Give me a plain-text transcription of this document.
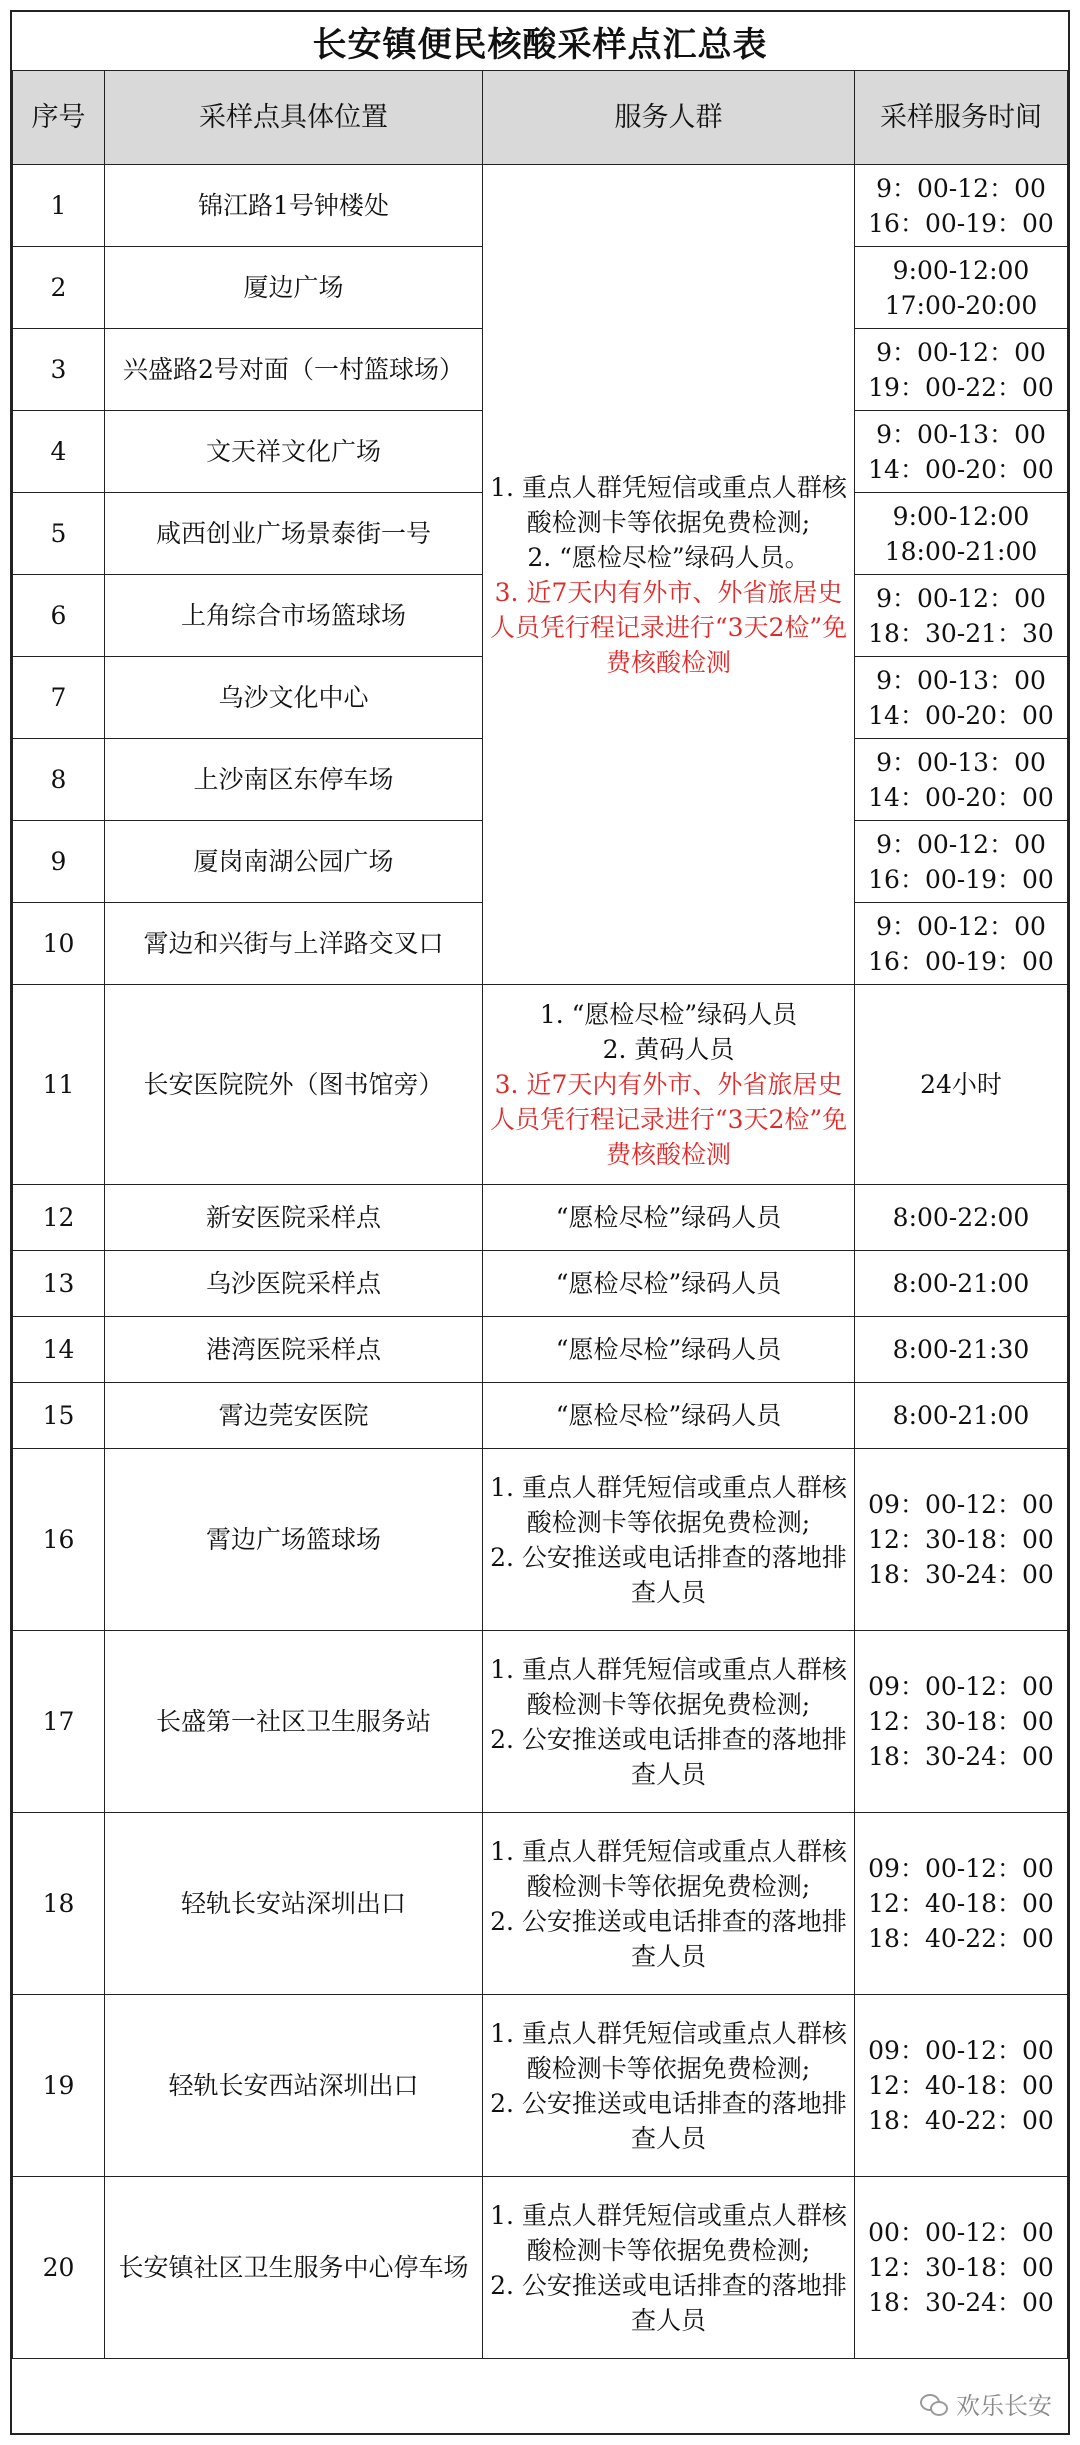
长安镇便民核酸采样点汇总表
序号	采样点具体位置	服务人群	采样服务时间
1	锦江路1号钟楼处	1. 重点人群凭短信或重点人群核酸检测卡等依据免费检测;
2. “愿检尽检”绿码人员。
3. 近7天内有外市、外省旅居史人员凭行程记录进行“3天2检”免费核酸检测	9：00-12：00
16：00-19：00

2	厦边广场		9:00-12:00
17:00-20:00

3	兴盛路2号对面（一村篮球场）		9：00-12：00
19：00-22：00

4	文天祥文化广场		9：00-13：00
14：00-20：00

5	咸西创业广场景泰街一号		9:00-12:00
18:00-21:00

6	上角综合市场篮球场		9：00-12：00
18：30-21：30

7	乌沙文化中心		9：00-13：00
14：00-20：00

8	上沙南区东停车场		9：00-13：00
14：00-20：00

9	厦岗南湖公园广场		9：00-12：00
16：00-19：00

10	霄边和兴街与上洋路交叉口		9：00-12：00
16：00-19：00

11	长安医院院外（图书馆旁）	1. “愿检尽检”绿码人员
2. 黄码人员
3. 近7天内有外市、外省旅居史人员凭行程记录进行“3天2检”免费核酸检测	24小时

12	新安医院采样点	“愿检尽检”绿码人员	8:00-22:00

13	乌沙医院采样点	“愿检尽检”绿码人员	8:00-21:00

14	港湾医院采样点	“愿检尽检”绿码人员	8:00-21:30

15	霄边莞安医院	“愿检尽检”绿码人员	8:00-21:00

16	霄边广场篮球场	1. 重点人群凭短信或重点人群核酸检测卡等依据免费检测;
2. 公安推送或电话排查的落地排查人员	09：00-12：00
12：30-18：00
18：30-24：00

17	长盛第一社区卫生服务站	1. 重点人群凭短信或重点人群核酸检测卡等依据免费检测;
2. 公安推送或电话排查的落地排查人员	09：00-12：00
12：30-18：00
18：30-24：00

18	轻轨长安站深圳出口	1. 重点人群凭短信或重点人群核酸检测卡等依据免费检测;
2. 公安推送或电话排查的落地排查人员	09：00-12：00
12：40-18：00
18：40-22：00

19	轻轨长安西站深圳出口	1. 重点人群凭短信或重点人群核酸检测卡等依据免费检测;
2. 公安推送或电话排查的落地排查人员	09：00-12：00
12：40-18：00
18：40-22：00

20	长安镇社区卫生服务中心停车场	1. 重点人群凭短信或重点人群核酸检测卡等依据免费检测;
2. 公安推送或电话排查的落地排查人员	00：00-12：00
12：30-18：00
18：30-24：00
欢乐长安
